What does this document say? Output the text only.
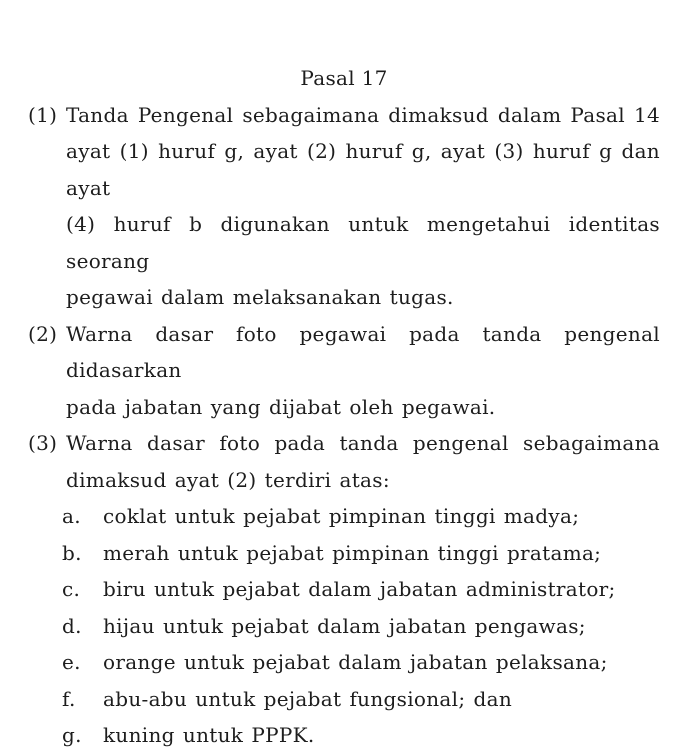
Pasal 17
(1) Tanda Pengenal sebagaimana dimaksud dalam Pasal 14
ayat (1) huruf g, ayat (2) huruf g, ayat (3) huruf g dan ayat
(4) huruf b digunakan untuk mengetahui identitas seorang
pegawai dalam melaksanakan tugas.
(2) Warna dasar foto pegawai pada tanda pengenal didasarkan
pada jabatan yang dijabat oleh pegawai.
(3) Warna dasar foto pada tanda pengenal sebagaimana
dimaksud ayat (2) terdiri atas:
a.	coklat untuk pejabat pimpinan tinggi madya;
b.	merah untuk pejabat pimpinan tinggi pratama;
c.	biru untuk pejabat dalam jabatan administrator;
d.	hijau untuk pejabat dalam jabatan pengawas;
e.	orange untuk pejabat dalam jabatan pelaksana;
f.	abu-abu untuk pejabat fungsional; dan
g.	kuning untuk PPPK.
